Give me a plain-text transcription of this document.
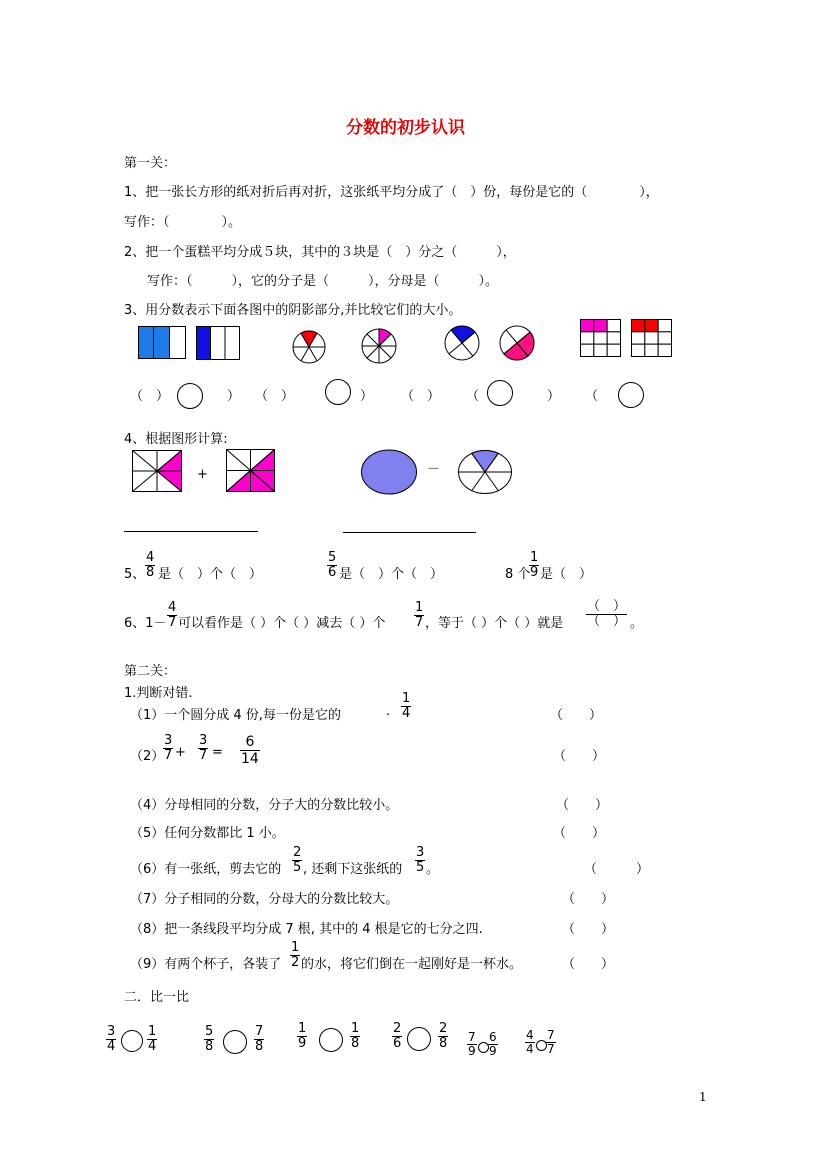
分数的初步认识
第一关：
1、把一张长方形的纸对折后再对折，这张纸平均分成了（　）份，每份是它的（　　　　），
写作：（　　　　）。
2、把一个蛋糕平均分成５块，其中的３块是（　）分之（　　　），
写作：（　　　），它的分子是（　　　），分母是（　　　）。
3、用分数表示下面各图中的阴影部分,并比较它们的大小。
（　）	） （　）	） （　） （	） （
4、根据图形计算:
+	－
5、
4
8 是（　）个（　）
5
6 是（　）个（　）	8 个
1
9 是（　）
6、1－
4
7 可以看作是（ ）个（ ）减去（ ）个
1
7 ，等于（ ）个（ ）就是
（　）
（　） 。
第二关：
1.判断对错.
（1）一个圆分成 4 份,每一份是它的	.
1
4	（　　）
（2）
3
7 +
3
7 =
6
14	（　　）
（4）分母相同的分数，分子大的分数比较小。	（　　）
（5）任何分数都比 1 小。	（　　）
（6）有一张纸，剪去它的
2
5 , 还剩下这张纸的
3
5 。	（　　　）
（7）分子相同的分数，分母大的分数比较大。	（　　）
（8）把一条线段平均分成 7 根, 其中的 4 根是它的七分之四.	（　　）
（9）有两个杯子，各装了
1
2 的水，将它们倒在一起刚好是一杯水。	（　　）
二．比一比
3
4
1
4
5
8
7
8
1
9
1
8
2
6
2
8 7
9
6
9
4
4
7
7
1
